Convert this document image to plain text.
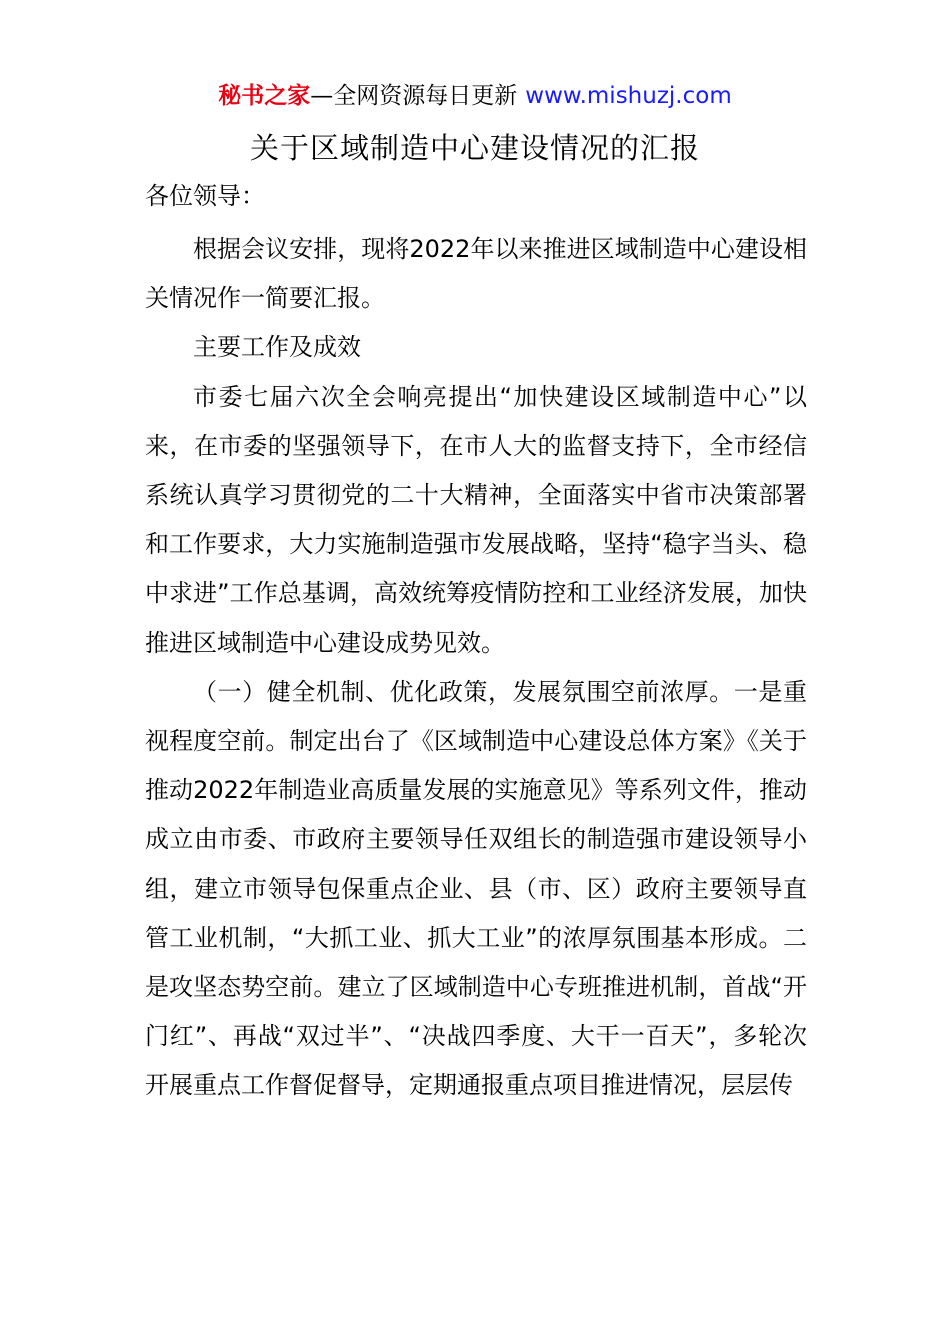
秘书之家—全网资源每日更新 www.mishuzj.com
关于区域制造中心建设情况的汇报

各位领导：

根据会议安排，现将2022年以来推进区域制造中心建设相关情况作一简要汇报。

主要工作及成效

市委七届六次全会响亮提出“加快建设区域制造中心”以来，在市委的坚强领导下，在市人大的监督支持下，全市经信系统认真学习贯彻党的二十大精神，全面落实中省市决策部署和工作要求，大力实施制造强市发展战略，坚持“稳字当头、稳中求进”工作总基调，高效统筹疫情防控和工业经济发展，加快推进区域制造中心建设成势见效。

（一）健全机制、优化政策，发展氛围空前浓厚。一是重视程度空前。制定出台了《区域制造中心建设总体方案》《关于推动2022年制造业高质量发展的实施意见》等系列文件，推动成立由市委、市政府主要领导任双组长的制造强市建设领导小组，建立市领导包保重点企业、县（市、区）政府主要领导直管工业机制，“大抓工业、抓大工业”的浓厚氛围基本形成。二是攻坚态势空前。建立了区域制造中心专班推进机制，首战“开门红”、再战“双过半”、“决战四季度、大干一百天”，多轮次开展重点工作督促督导，定期通报重点项目推进情况，层层传
